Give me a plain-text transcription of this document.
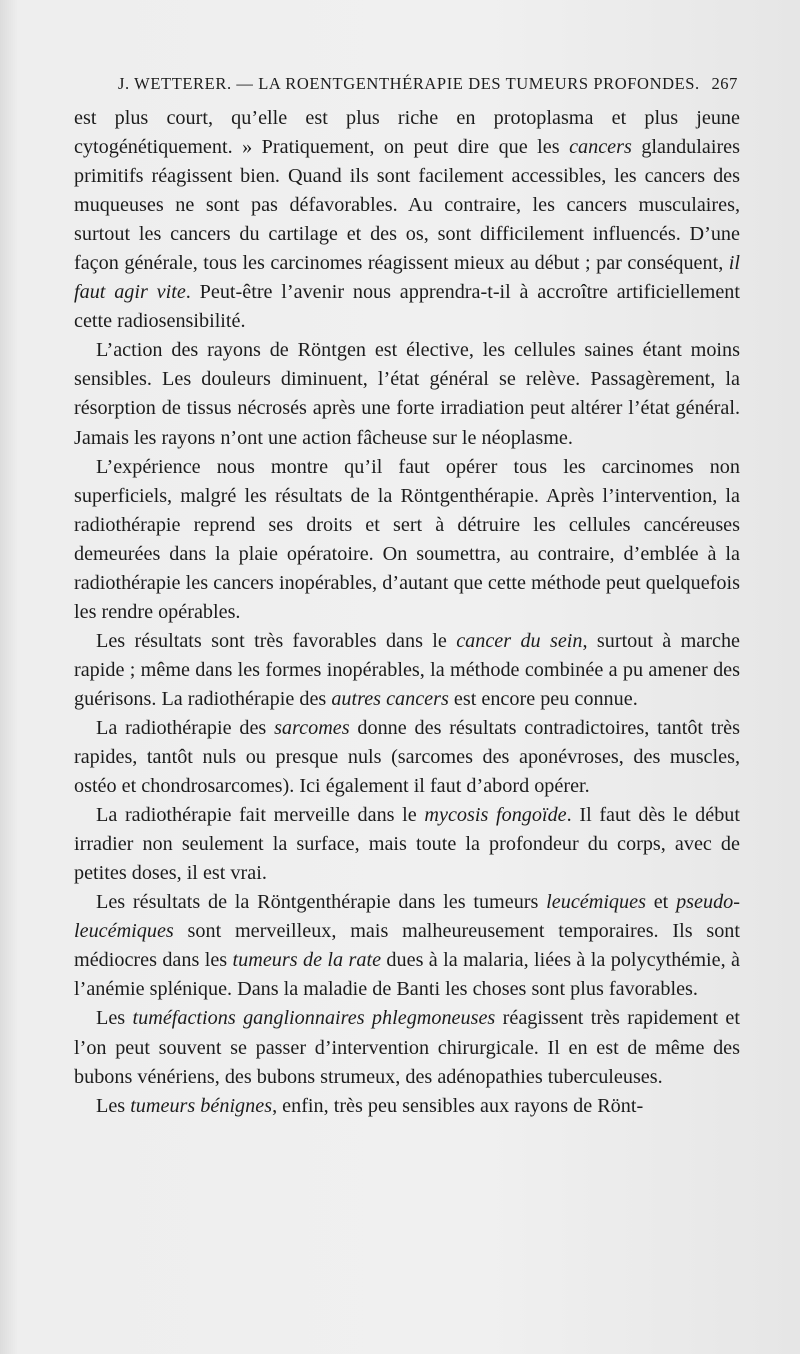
J. WETTERER. — LA ROENTGENTHÉRAPIE DES TUMEURS PROFONDES. 267

est plus court, qu’elle est plus riche en protoplasma et plus jeune cytogénétiquement. » Pratiquement, on peut dire que les cancers glandulaires primitifs réagissent bien. Quand ils sont facilement accessibles, les cancers des muqueuses ne sont pas défavorables. Au contraire, les cancers musculaires, surtout les cancers du cartilage et des os, sont difficilement influencés. D’une façon générale, tous les carcinomes réagissent mieux au début ; par conséquent, il faut agir vite. Peut-être l’avenir nous apprendra-t-il à accroître artificiellement cette radiosensibilité.

L’action des rayons de Röntgen est élective, les cellules saines étant moins sensibles. Les douleurs diminuent, l’état général se relève. Passagèrement, la résorption de tissus nécrosés après une forte irradiation peut altérer l’état général. Jamais les rayons n’ont une action fâcheuse sur le néoplasme.

L’expérience nous montre qu’il faut opérer tous les carcinomes non superficiels, malgré les résultats de la Röntgenthérapie. Après l’intervention, la radiothérapie reprend ses droits et sert à détruire les cellules cancéreuses demeurées dans la plaie opératoire. On soumettra, au contraire, d’emblée à la radiothérapie les cancers inopérables, d’autant que cette méthode peut quelquefois les rendre opérables.

Les résultats sont très favorables dans le cancer du sein, surtout à marche rapide ; même dans les formes inopérables, la méthode combinée a pu amener des guérisons. La radiothérapie des autres cancers est encore peu connue.

La radiothérapie des sarcomes donne des résultats contradictoires, tantôt très rapides, tantôt nuls ou presque nuls (sarcomes des aponévroses, des muscles, ostéo et chondrosarcomes). Ici également il faut d’abord opérer.

La radiothérapie fait merveille dans le mycosis fongoïde. Il faut dès le début irradier non seulement la surface, mais toute la profondeur du corps, avec de petites doses, il est vrai.

Les résultats de la Röntgenthérapie dans les tumeurs leucémiques et pseudo-leucémiques sont merveilleux, mais malheureusement temporaires. Ils sont médiocres dans les tumeurs de la rate dues à la malaria, liées à la polycythémie, à l’anémie splénique. Dans la maladie de Banti les choses sont plus favorables.

Les tuméfactions ganglionnaires phlegmoneuses réagissent très rapidement et l’on peut souvent se passer d’intervention chirurgicale. Il en est de même des bubons vénériens, des bubons strumeux, des adénopathies tuberculeuses.

Les tumeurs bénignes, enfin, très peu sensibles aux rayons de Rönt-
